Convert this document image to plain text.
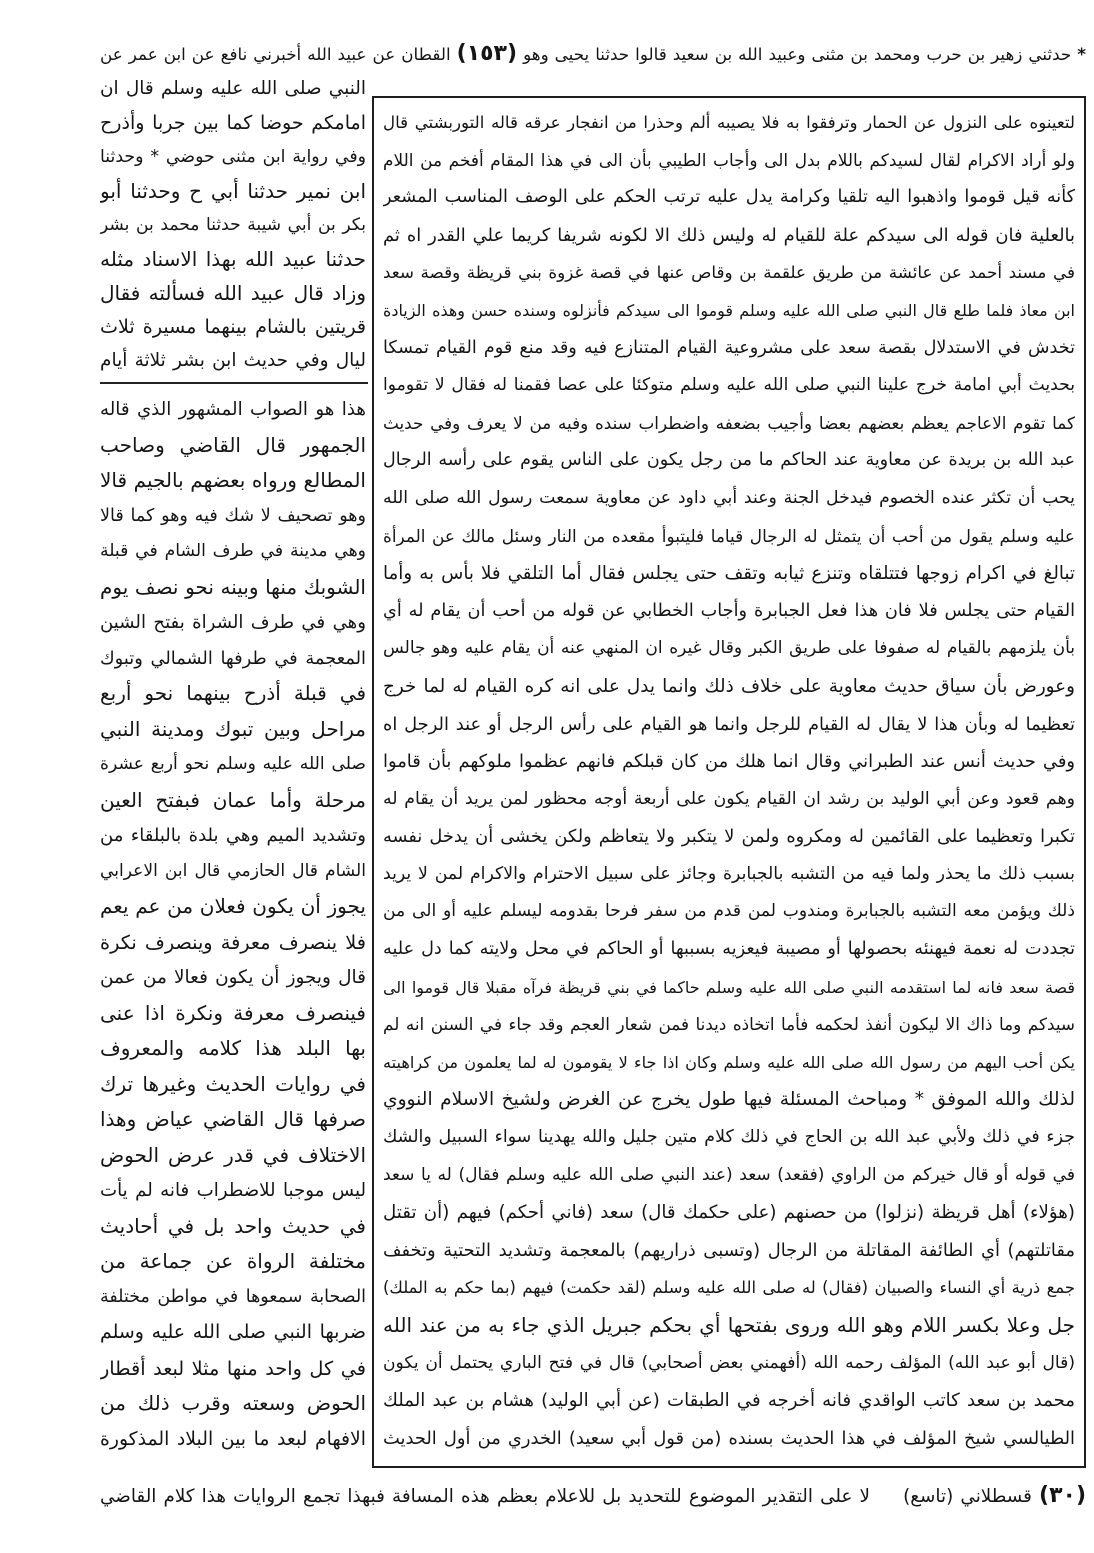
* حدثني زهير بن حرب ومحمد بن مثنى وعبيد الله بن سعيد قالوا حدثنا يحيى وهو (١٥٣) القطان عن عبيد الله أخبرني نافع عن ابن عمر عن
النبي صلى الله عليه وسلم قال ان
امامكم حوضا كما بين جربا وأذرح
وفي رواية ابن مثنى حوضي * وحدثنا
ابن نمير حدثنا أبي ح وحدثنا أبو
بكر بن أبي شيبة حدثنا محمد بن بشر
حدثنا عبيد الله بهذا الاسناد مثله
وزاد قال عبيد الله فسألته فقال
قريتين بالشام بينهما مسيرة ثلاث
ليال وفي حديث ابن بشر ثلاثة أيام
هذا هو الصواب المشهور الذي قاله
الجمهور قال القاضي وصاحب
المطالع ورواه بعضهم بالجيم قالا
وهو تصحيف لا شك فيه وهو كما قالا
وهي مدينة في طرف الشام في قبلة
الشوبك منها وبينه نحو نصف يوم
وهي في طرف الشراة بفتح الشين
المعجمة في طرفها الشمالي وتبوك
في قبلة أذرح بينهما نحو أربع
مراحل وبين تبوك ومدينة النبي
صلى الله عليه وسلم نحو أربع عشرة
مرحلة وأما عمان فبفتح العين
وتشديد الميم وهي بلدة بالبلقاء من
الشام قال الحازمي قال ابن الاعرابي
يجوز أن يكون فعلان من عم يعم
فلا ينصرف معرفة وينصرف نكرة
قال ويجوز أن يكون فعالا من عمن
فينصرف معرفة ونكرة اذا عنى
بها البلد هذا كلامه والمعروف
في روايات الحديث وغيرها ترك
صرفها قال القاضي عياض وهذا
الاختلاف في قدر عرض الحوض
ليس موجبا للاضطراب فانه لم يأت
في حديث واحد بل في أحاديث
مختلفة الرواة عن جماعة من
الصحابة سمعوها في مواطن مختلفة
ضربها النبي صلى الله عليه وسلم
في كل واحد منها مثلا لبعد أقطار
الحوض وسعته وقرب ذلك من
الافهام لبعد ما بين البلاد المذكورة
لتعينوه على النزول عن الحمار وترفقوا به فلا يصيبه ألم وحذرا من انفجار عرقه قاله التوربشتي قال
ولو أراد الاكرام لقال لسيدكم باللام بدل الى وأجاب الطيبي بأن الى في هذا المقام أفخم من اللام
كأنه قيل قوموا واذهبوا اليه تلقيا وكرامة يدل عليه ترتب الحكم على الوصف المناسب المشعر
بالعلية فان قوله الى سيدكم علة للقيام له وليس ذلك الا لكونه شريفا كريما علي القدر اه ثم
في مسند أحمد عن عائشة من طريق علقمة بن وقاص عنها في قصة غزوة بني قريظة وقصة سعد
ابن معاذ فلما طلع قال النبي صلى الله عليه وسلم قوموا الى سيدكم فأنزلوه وسنده حسن وهذه الزيادة
تخدش في الاستدلال بقصة سعد على مشروعية القيام المتنازع فيه وقد منع قوم القيام تمسكا
بحديث أبي امامة خرج علينا النبي صلى الله عليه وسلم متوكئا على عصا فقمنا له فقال لا تقوموا
كما تقوم الاعاجم يعظم بعضهم بعضا وأجيب بضعفه واضطراب سنده وفيه من لا يعرف وفي حديث
عبد الله بن بريدة عن معاوية عند الحاكم ما من رجل يكون على الناس يقوم على رأسه الرجال
يحب أن تكثر عنده الخصوم فيدخل الجنة وعند أبي داود عن معاوية سمعت رسول الله صلى الله
عليه وسلم يقول من أحب أن يتمثل له الرجال قياما فليتبوأ مقعده من النار وسئل مالك عن المرأة
تبالغ في اكرام زوجها فتتلقاه وتنزع ثيابه وتقف حتى يجلس فقال أما التلقي فلا بأس به وأما
القيام حتى يجلس فلا فان هذا فعل الجبابرة وأجاب الخطابي عن قوله من أحب أن يقام له أي
بأن يلزمهم بالقيام له صفوفا على طريق الكبر وقال غيره ان المنهي عنه أن يقام عليه وهو جالس
وعورض بأن سياق حديث معاوية على خلاف ذلك وانما يدل على انه كره القيام له لما خرج
تعظيما له وبأن هذا لا يقال له القيام للرجل وانما هو القيام على رأس الرجل أو عند الرجل اه
وفي حديث أنس عند الطبراني وقال انما هلك من كان قبلكم فانهم عظموا ملوكهم بأن قاموا
وهم قعود وعن أبي الوليد بن رشد ان القيام يكون على أربعة أوجه محظور لمن يريد أن يقام له
تكبرا وتعظيما على القائمين له ومكروه ولمن لا يتكبر ولا يتعاظم ولكن يخشى أن يدخل نفسه
بسبب ذلك ما يحذر ولما فيه من التشبه بالجبابرة وجائز على سبيل الاحترام والاكرام لمن لا يريد
ذلك ويؤمن معه التشبه بالجبابرة ومندوب لمن قدم من سفر فرحا بقدومه ليسلم عليه أو الى من
تجددت له نعمة فيهنئه بحصولها أو مصيبة فيعزيه بسببها أو الحاكم في محل ولايته كما دل عليه
قصة سعد فانه لما استقدمه النبي صلى الله عليه وسلم حاكما في بني قريظة فرآه مقبلا قال قوموا الى
سيدكم وما ذاك الا ليكون أنفذ لحكمه فأما اتخاذه ديدنا فمن شعار العجم وقد جاء في السنن انه لم
يكن أحب اليهم من رسول الله صلى الله عليه وسلم وكان اذا جاء لا يقومون له لما يعلمون من كراهيته
لذلك والله الموفق * ومباحث المسئلة فيها طول يخرج عن الغرض ولشيخ الاسلام النووي
جزء في ذلك ولأبي عبد الله بن الحاج في ذلك كلام متين جليل والله يهدينا سواء السبيل والشك
في قوله أو قال خيركم من الراوي (فقعد) سعد (عند النبي صلى الله عليه وسلم فقال) له يا سعد
(هؤلاء) أهل قريظة (نزلوا) من حصنهم (على حكمك قال) سعد (فاني أحكم) فيهم (أن تقتل
مقاتلتهم) أي الطائفة المقاتلة من الرجال (وتسبى ذراريهم) بالمعجمة وتشديد التحتية وتخفف
جمع ذرية أي النساء والصبيان (فقال) له صلى الله عليه وسلم (لقد حكمت) فيهم (بما حكم به الملك)
جل وعلا بكسر اللام وهو الله وروى بفتحها أي بحكم جبريل الذي جاء به من عند الله
(قال أبو عبد الله) المؤلف رحمه الله (أفهمني بعض أصحابي) قال في فتح الباري يحتمل أن يكون
محمد بن سعد كاتب الواقدي فانه أخرجه في الطبقات (عن أبي الوليد) هشام بن عبد الملك
الطيالسي شيخ المؤلف في هذا الحديث بسنده (من قول أبي سعيد) الخدري من أول الحديث
(٣٠) قسطلاني (تاسع) لا على التقدير الموضوع للتحديد بل للاعلام بعظم هذه المسافة فبهذا تجمع الروايات هذا كلام القاضي
